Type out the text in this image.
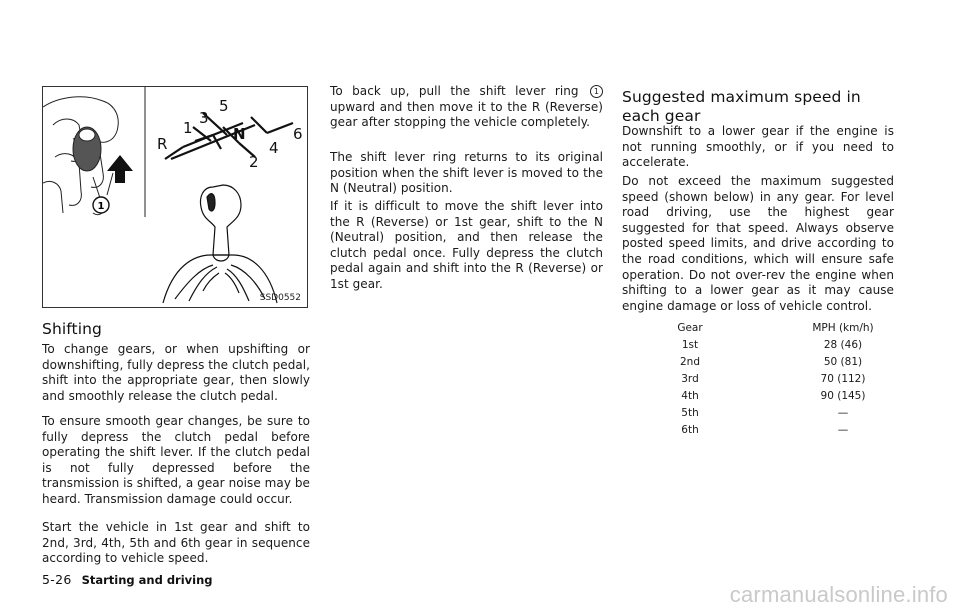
1
R
1
3
N
5
2
4
6
SSD0552
Shifting

To change gears, or when upshifting or downshifting, fully depress the clutch pedal, shift into the appropriate gear, then slowly and smoothly release the clutch pedal.

To ensure smooth gear changes, be sure to fully depress the clutch pedal before operating the shift lever. If the clutch pedal is not fully depressed before the transmission is shifted, a gear noise may be heard. Transmission damage could occur.

Start the vehicle in 1st gear and shift to 2nd, 3rd, 4th, 5th and 6th gear in sequence according to vehicle speed.

To back up, pull the shift lever ring 1 upward and then move it to the R (Reverse) gear after stopping the vehicle completely.

The shift lever ring returns to its original position when the shift lever is moved to the N (Neutral) position.

If it is difficult to move the shift lever into the R (Reverse) or 1st gear, shift to the N (Neutral) position, and then release the clutch pedal once. Fully depress the clutch pedal again and shift into the R (Reverse) or 1st gear.

Suggested maximum speed in each gear

Downshift to a lower gear if the engine is not running smoothly, or if you need to accelerate.

Do not exceed the maximum suggested speed (shown below) in any gear. For level road driving, use the highest gear suggested for that speed. Always observe posted speed limits, and drive according to the road conditions, which will ensure safe operation. Do not over-rev the engine when shifting to a lower gear as it may cause engine damage or loss of vehicle control.

Gear	MPH (km/h)
1st	28 (46)
2nd	50 (81)
3rd	70 (112)
4th	90 (145)
5th	—
6th	—
5-26 Starting and driving
carmanualsonline.info
